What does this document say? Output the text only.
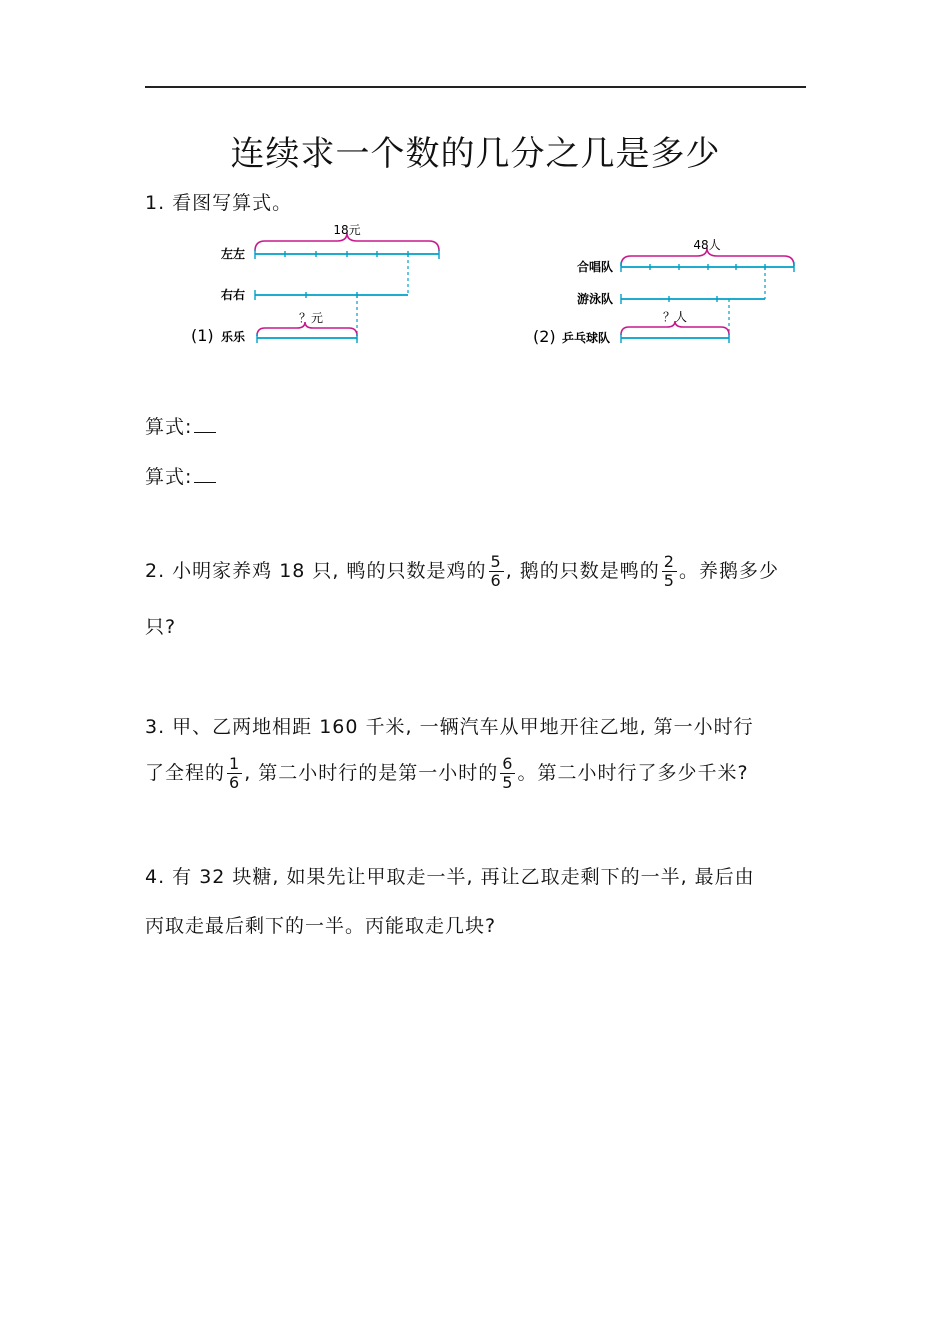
连续求一个数的几分之几是多少
1. 看图写算式。
18元
左左
右右
(1) 乐乐
？元
48人
合唱队
游泳队
(2) 乒乓球队
？人
算式:
算式:
2. 小明家养鸡 18 只, 鸭的只数是鸡的 $\frac{5}{6}$ , 鹅的只数是鸭的 $\frac{2}{5}$ 。养鹅多少
只?
3. 甲、乙两地相距 160 千米, 一辆汽车从甲地开往乙地, 第一小时行
了全程的 $\frac{1}{6}$ , 第二小时行的是第一小时的 $\frac{6}{5}$ 。第二小时行了多少千米?
4. 有 32 块糖, 如果先让甲取走一半, 再让乙取走剩下的一半, 最后由
丙取走最后剩下的一半。丙能取走几块?
